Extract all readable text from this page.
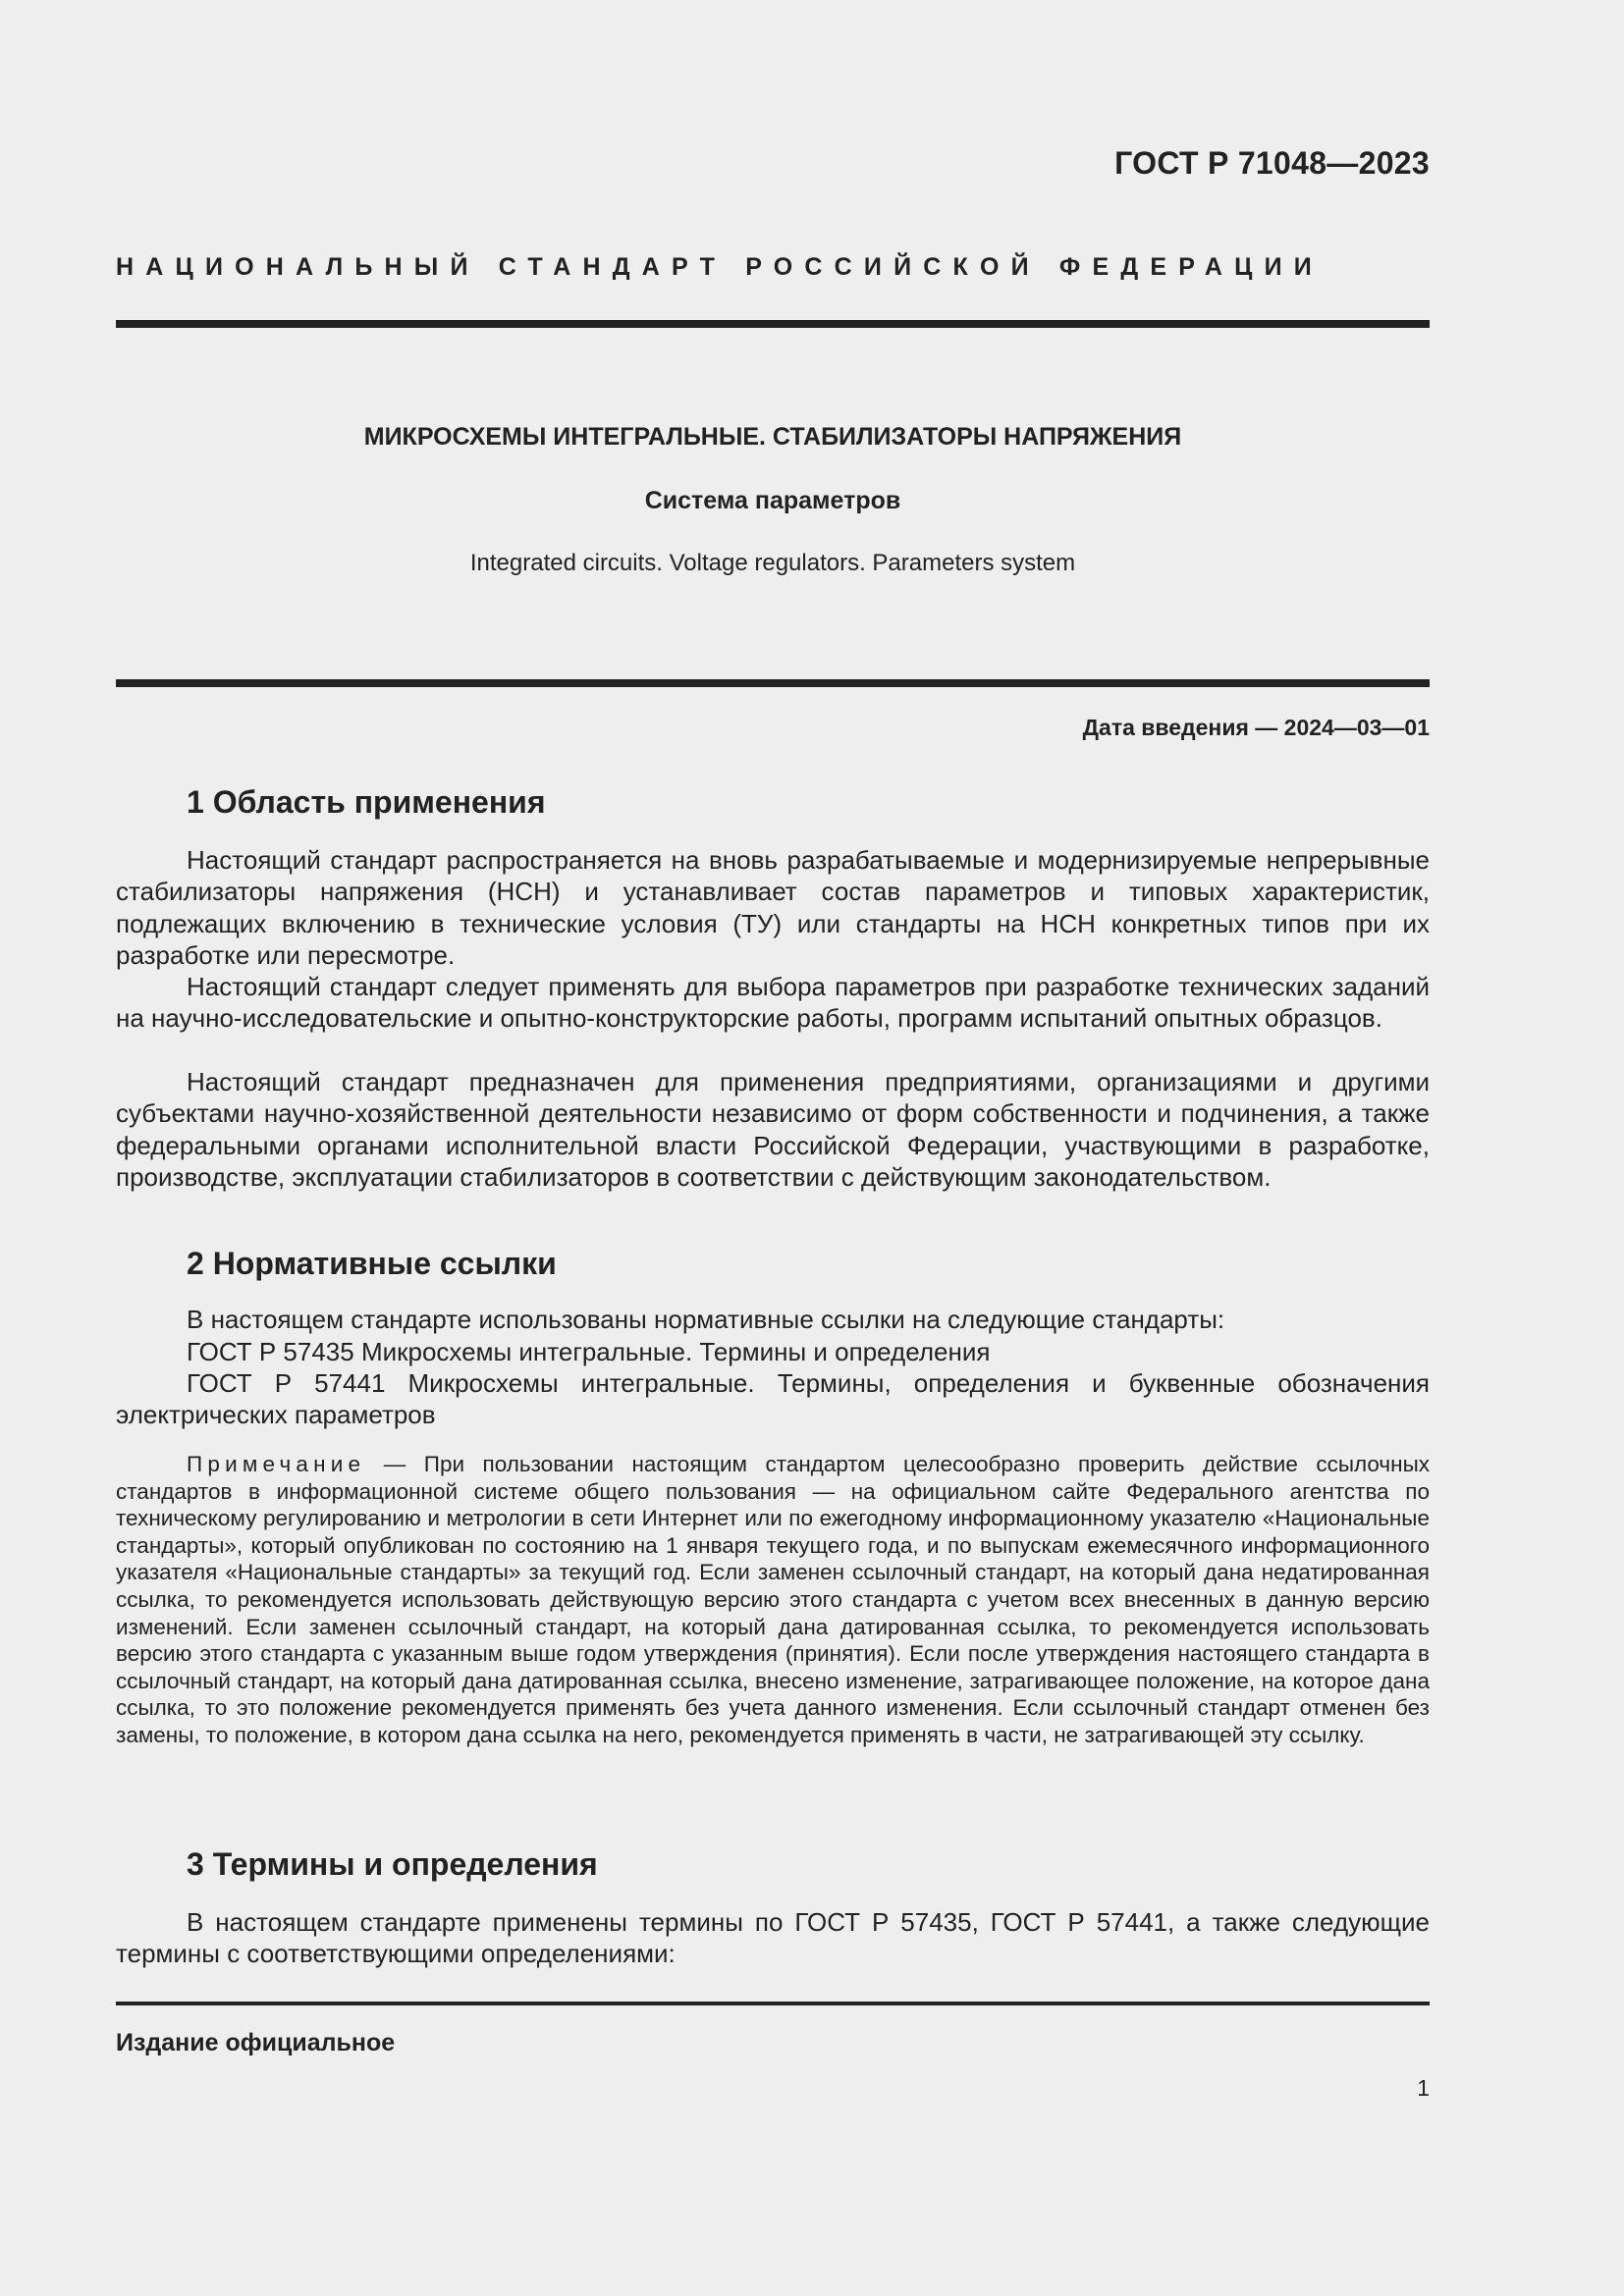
ГОСТ Р 71048—2023
НАЦИОНАЛЬНЫЙ СТАНДАРТ РОССИЙСКОЙ ФЕДЕРАЦИИ
МИКРОСХЕМЫ ИНТЕГРАЛЬНЫЕ. СТАБИЛИЗАТОРЫ НАПРЯЖЕНИЯ
Система параметров
Integrated circuits. Voltage regulators. Parameters system
Дата введения — 2024—03—01
1 Область применения

Настоящий стандарт распространяется на вновь разрабатываемые и модернизируемые непрерывные стабилизаторы напряжения (НСН) и устанавливает состав параметров и типовых характеристик, подлежащих включению в технические условия (ТУ) или стандарты на НСН конкретных типов при их разработке или пересмотре.

Настоящий стандарт следует применять для выбора параметров при разработке технических заданий на научно-исследовательские и опытно-конструкторские работы, программ испытаний опытных образцов.

Настоящий стандарт предназначен для применения предприятиями, организациями и другими субъектами научно-хозяйственной деятельности независимо от форм собственности и подчинения, а также федеральными органами исполнительной власти Российской Федерации, участвующими в разработке, производстве, эксплуатации стабилизаторов в соответствии с действующим законодательством.

2 Нормативные ссылки

В настоящем стандарте использованы нормативные ссылки на следующие стандарты:

ГОСТ Р 57435 Микросхемы интегральные. Термины и определения

ГОСТ Р 57441 Микросхемы интегральные. Термины, определения и буквенные обозначения электрических параметров

Примечание — При пользовании настоящим стандартом целесообразно проверить действие ссылочных стандартов в информационной системе общего пользования — на официальном сайте Федерального агентства по техническому регулированию и метрологии в сети Интернет или по ежегодному информационному указателю «Национальные стандарты», который опубликован по состоянию на 1 января текущего года, и по выпускам ежемесячного информационного указателя «Национальные стандарты» за текущий год. Если заменен ссылочный стандарт, на который дана недатированная ссылка, то рекомендуется использовать действующую версию этого стандарта с учетом всех внесенных в данную версию изменений. Если заменен ссылочный стандарт, на который дана датированная ссылка, то рекомендуется использовать версию этого стандарта с указанным выше годом утверждения (принятия). Если после утверждения настоящего стандарта в ссылочный стандарт, на который дана датированная ссылка, внесено изменение, затрагивающее положение, на которое дана ссылка, то это положение рекомендуется применять без учета данного изменения. Если ссылочный стандарт отменен без замены, то положение, в котором дана ссылка на него, рекомендуется применять в части, не затрагивающей эту ссылку.

3 Термины и определения

В настоящем стандарте применены термины по ГОСТ Р 57435, ГОСТ Р 57441, а также следующие термины с соответствующими определениями:

Издание официальное
1
